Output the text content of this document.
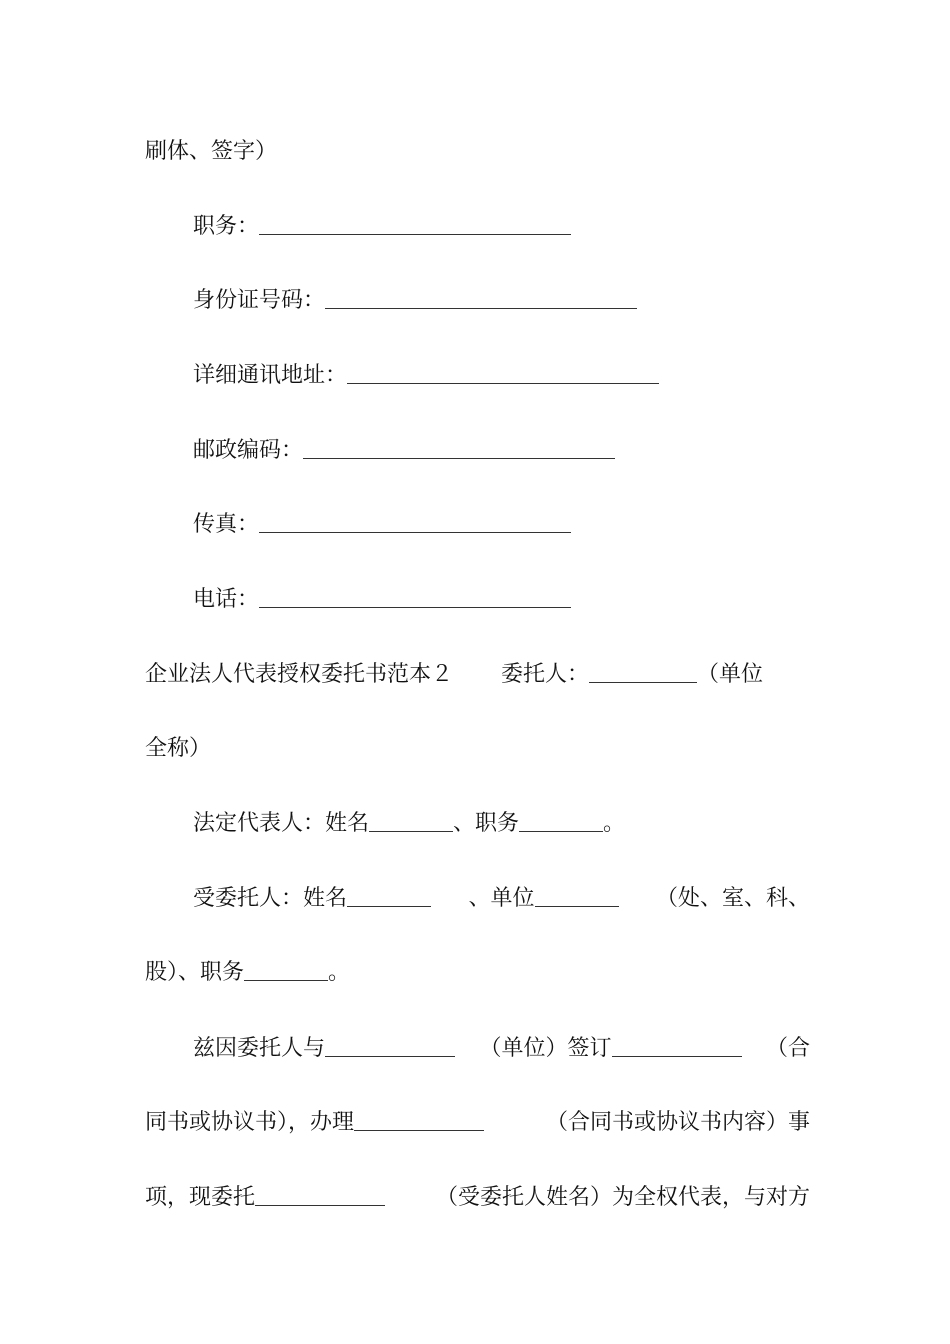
刷体、签字）
职务：
身份证号码：
详细通讯地址：
邮政编码：
传真：
电话：
企业法人代表授权委托书范本２ 委托人：	（单位
全称）
法定代表人：姓名	、职务	。
受委托人：姓名	、单位	（处、室、科、
股）、职务	。
兹因委托人与	（单位）签订	（合
同书或协议书），办理	（合同书或协议书内容）事
项，现委托	（受委托人姓名）为全权代表，与对方
